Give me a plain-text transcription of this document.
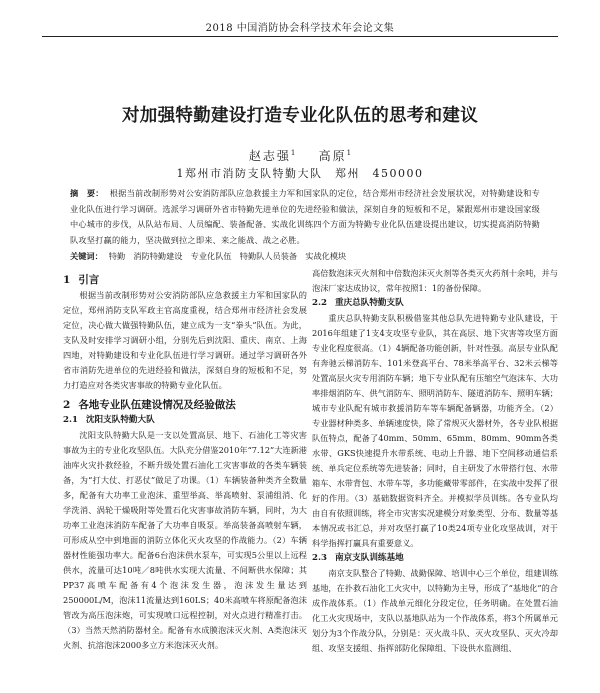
2018 中国消防协会科学技术年会论文集
对加强特勤建设打造专业化队伍的思考和建议
赵志强$^1$ 高原$^1$
1郑州市消防支队特勤大队　郑州　450000
摘　要： 根据当前改制形势对公安消防部队应急救援主力军和国家队的定位，结合郑州市经济社会发展状况，对特勤建设和专业化队伍进行学习调研。选派学习调研外省市特勤先进单位的先进经验和做法，深刻自身的短板和不足，紧跟郑州市建设国家级中心城市的步伐，从队站布局、人员编配、装备配备、实战化训练四个方面为特勤专业化队伍建设提出建议，切实提高消防特勤队攻坚打赢的能力，坚决做到拉之即来、来之能战、战之必胜。
关键词： 特勤　消防特勤建设　专业化队伍　特勤队人员装备　实战化模块
1 引言

根据当前改制形势对公安消防部队应急救援主力军和国家队的定位，郑州消防支队军政主官高度重视，结合郑州市经济社会发展定位，决心做大做强特勤队伍，建立成为一支“拳头”队伍。为此，支队及时安排学习调研小组，分别先后到沈阳、重庆、南京、上海四地，对特勤建设和专业化队伍进行学习调研。通过学习调研各外省市消防先进单位的先进经验和做法，深刻自身的短板和不足，努力打造应对各类灾害事故的特勤专业化队伍。

2 各地专业队伍建设情况及经验做法
2.1 沈阳支队特勤大队

沈阳支队特勤大队是一支以处置高层、地下、石油化工等灾害事故为主的专业化攻坚队伍。大队充分借鉴2010年“7.12”大连新港油库火灾扑救经验，不断升级处置石油化工灾害事故的各类车辆装备，为“打大仗、打恶仗”做足了功课。（1）车辆装备种类齐全数量多，配备有大功率工业泡沫、重型举高、举高喷射、泵浦组消、化学洗消、涡轮干燥吸附等处置石化灾害事故消防车辆，同时，为大功率工业泡沫消防车配备了大功率自吸泵。举高装备高喷射车辆，可形成从空中到地面的消防立体化灭火攻坚的作战能力。（2）车辆器材性能强功率大。配备6台泡沫供水泵车，可实现5公里以上远程供水，流量可达10吨／8吨供水实现大流量、不间断供水保障；其PP37高喷车配备有4个泡沫发生器，泡沫发生量达到250000L/M，泡沫11流量达到160LS；40米高喷车将原配备泡沫管改为高压泡沫炮，可实现喷口远程控制，对火点进行精准打击。（3）当然天然消防器材全。配备有水成膜泡沫灭火剂、A类泡沫灭火剂、抗溶泡沫2000多立方米泡沫灭火剂。

高倍数泡沫灭火剂和中倍数泡沫灭火剂等各类灭火药剂十余吨，并与泡沫厂家达成协议，常年按照1：1的备份保障。

2.2 重庆总队特勤支队

重庆总队特勤支队积极借鉴其他总队先进特勤专业队建设，于2016年组建了1支4支攻坚专业队，其在高层、地下灾害等攻坚方面专业化程度很高。（1）4辆配备功能创新，针对性强。高层专业队配有奔驰云梯消防车、101米登高平台、78米举高平台、32米云梯等处置高层火灾专用消防车辆；地下专业队配有压缩空气泡沫车、大功率排烟消防车、供气消防车、照明消防车、隧道消防车、照明车辆；城市专业队配有城市救援消防车等车辆配备辆器，功能齐全。（2）专业器材种类多、单辆速度快，除了常规灭火器材外，各专业队根据队伍特点，配备了40mm、50mm、65mm、80mm、90mm各类水带、GKS快速提升水带系统、电动上升器、地下空间移动通信系统、单兵定位系统等先进装备；同时，自主研发了水带搭行包、水带箱车、水带背包、水带车等，多功能藏带零部件，在实战中发挥了很好的作用。（3）基础数据资料齐全。并模拟学员训练。各专业队均由自有依照训练，将全市灾害实况建模分对象类型、分布、数量等基本情况或书汇总，并对攻坚打赢了10类24项专业化攻坚战训，对于科学指挥打赢具有重要意义。

2.3 南京支队训练基地

南京支队整合了特勤、战勤保障、培训中心三个单位，组建训练基地，在扑救石油化工火灾中，以特勤为主导，形成了“基地化”的合成作战体系。（1）作战单元细化分段定位，任务明确。在处置石油化工火灾现场中，支队以基地队站为一个作战体系，将3个所属单元划分为3个作战分队，分别是：灭火战斗队、灭火攻坚队、灭火冷却组、攻坚支援组、指挥部防化保障组、下设供水监测组、
